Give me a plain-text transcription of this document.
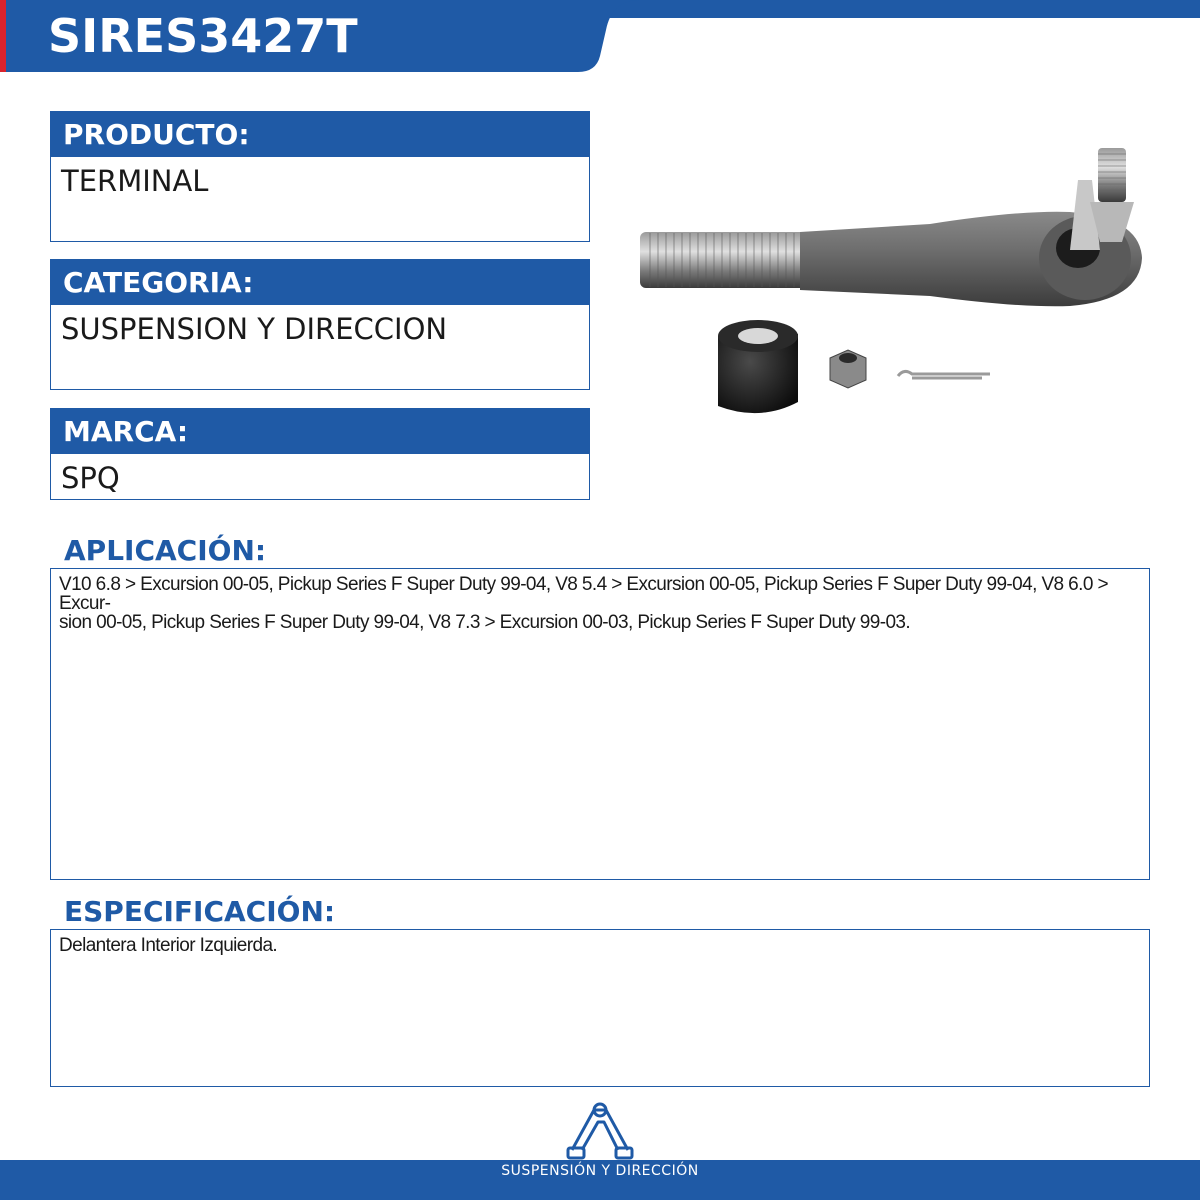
SIRES3427T
PRODUCTO:
TERMINAL
CATEGORIA:
SUSPENSION Y DIRECCION
MARCA:
SPQ
APLICACIÓN:
V10 6.8 > Excursion 00-05, Pickup Series F Super Duty 99-04, V8 5.4 > Excursion 00-05, Pickup Series F Super Duty 99-04, V8 6.0 > Excur-
sion 00-05, Pickup Series F Super Duty 99-04, V8 7.3 > Excursion 00-03, Pickup Series F Super Duty 99-03.
ESPECIFICACIÓN:
Delantera Interior Izquierda.
SUSPENSIÓN Y DIRECCIÓN
